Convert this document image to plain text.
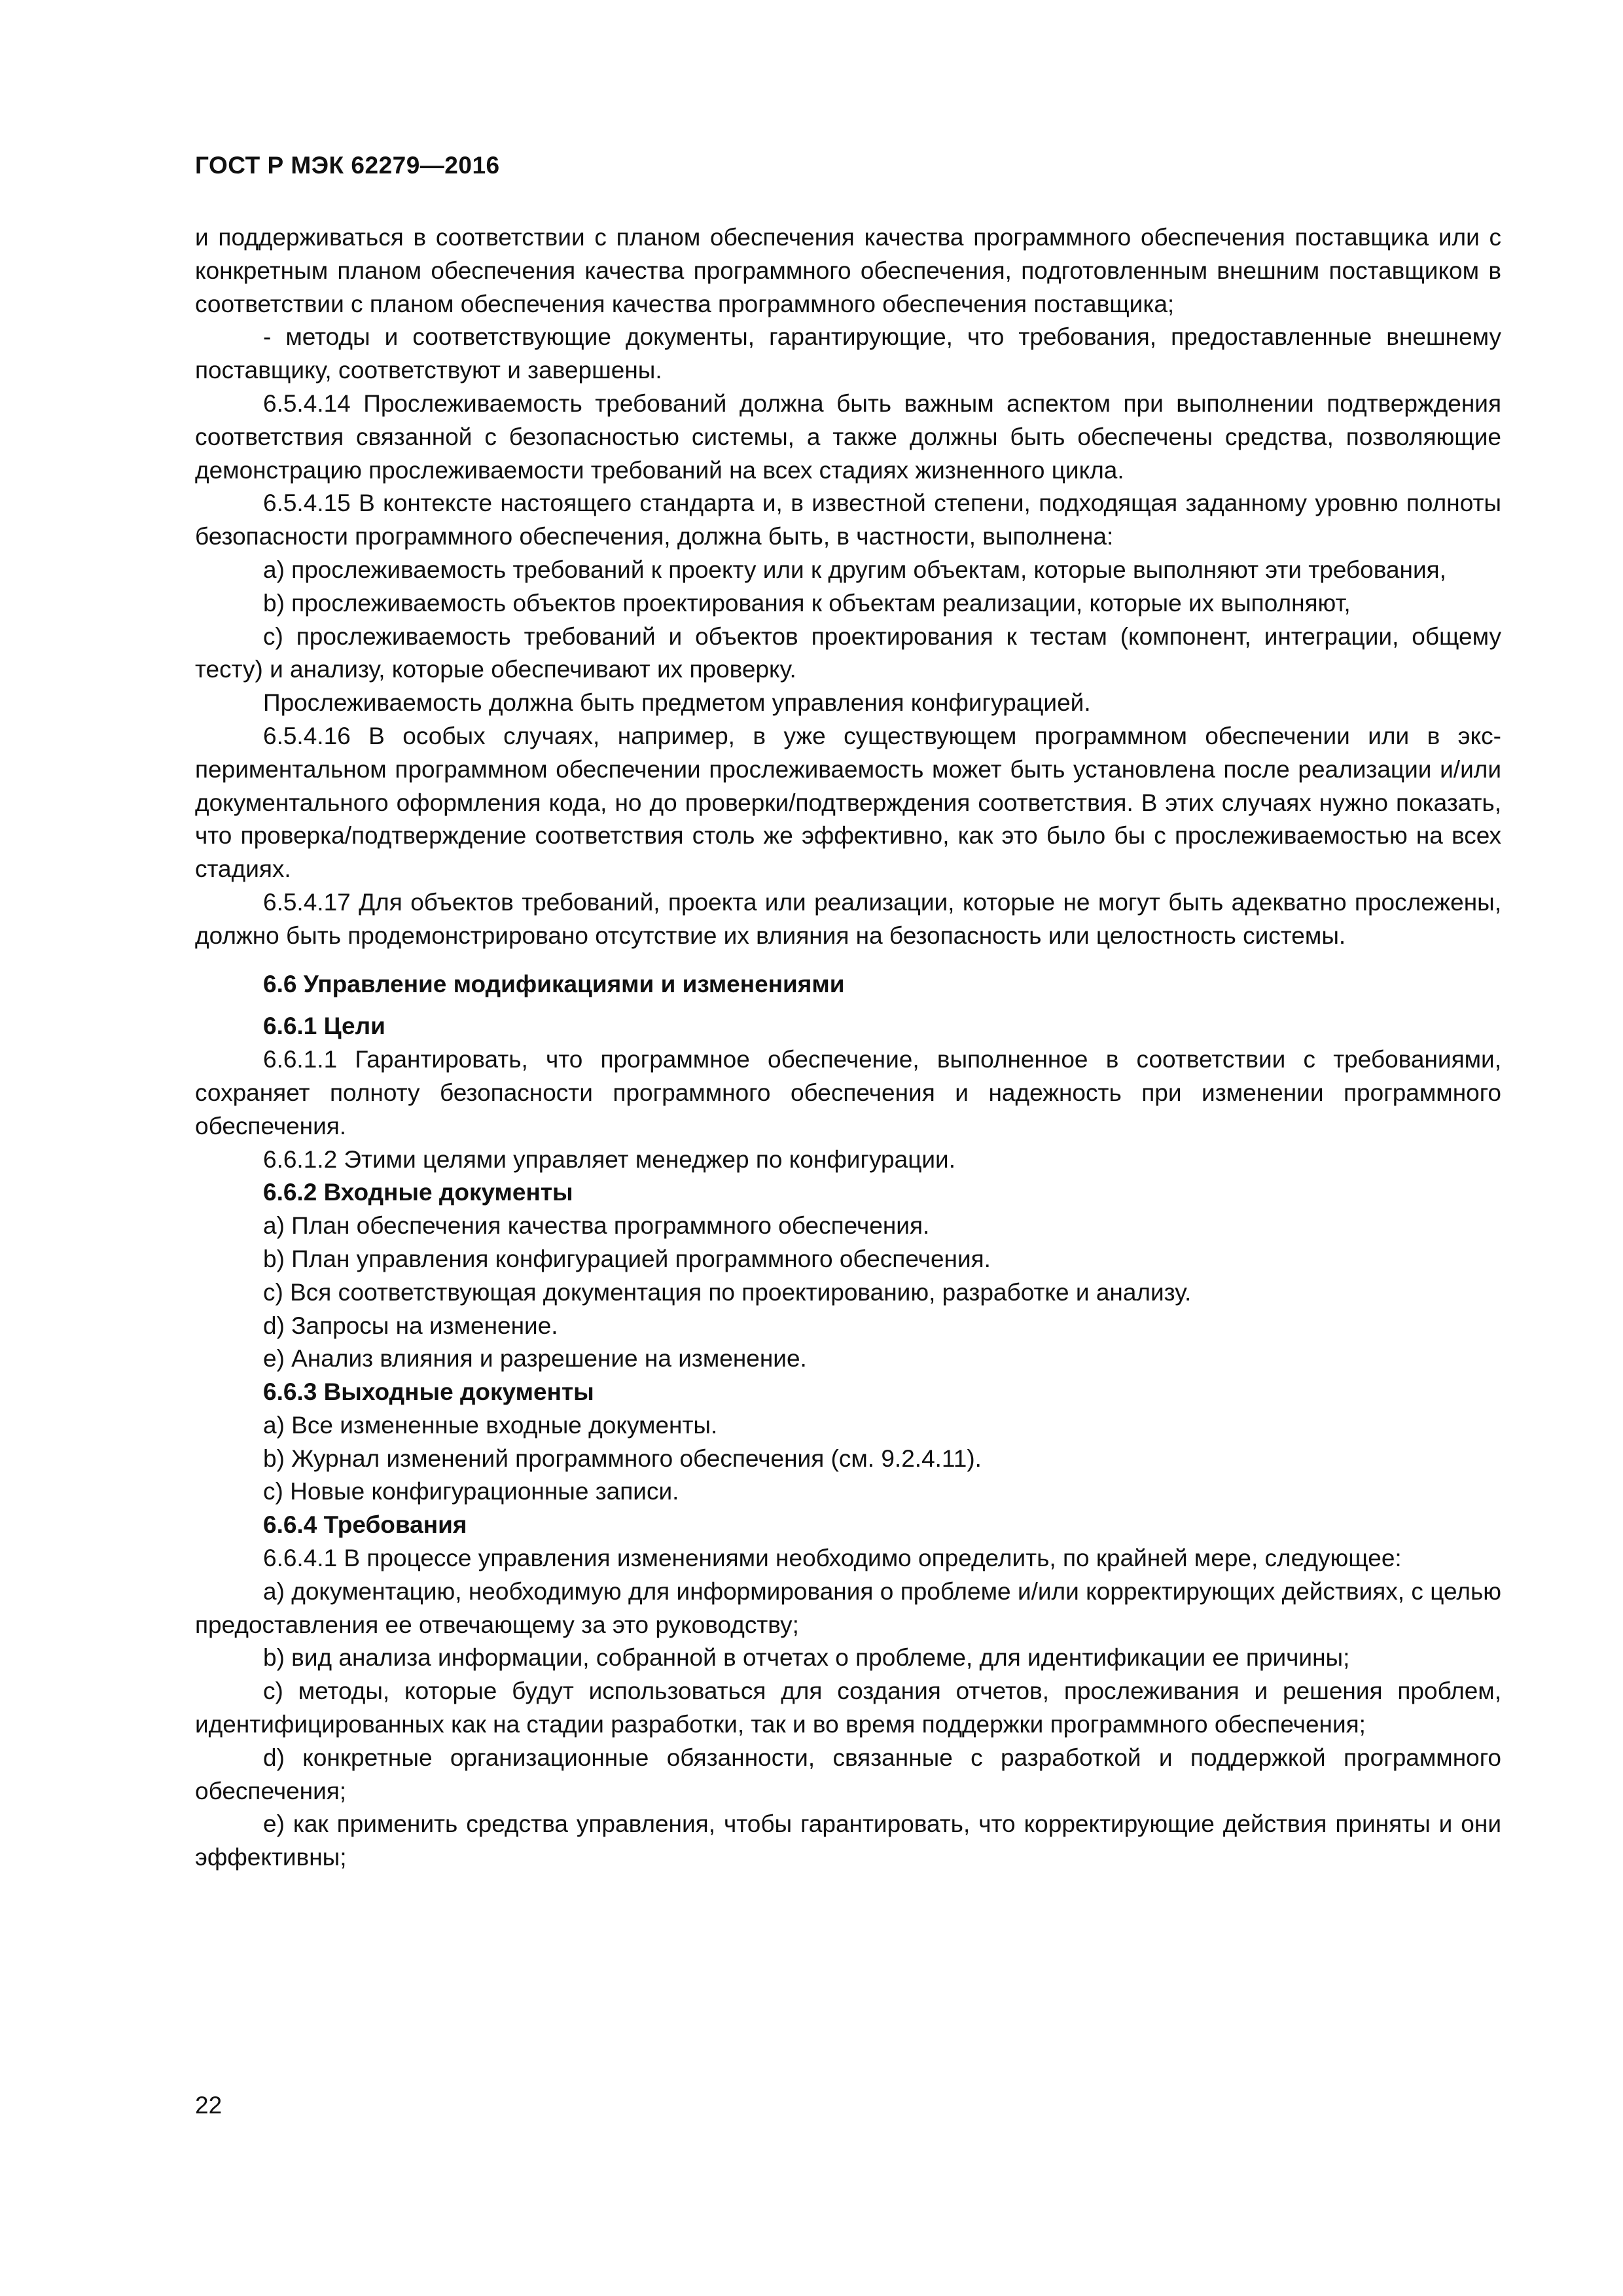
ГОСТ Р МЭК 62279—2016

и поддерживаться в соответствии с планом обеспечения качества программного обеспечения поставщика или с конкретным планом обеспечения качества программного обеспечения, подготовленным внешним поставщиком в соответствии с планом обеспечения качества программного обеспечения поставщика;

- методы и соответствующие документы, гарантирующие, что требования, предоставленные внешнему поставщику, соответствуют и завершены.

6.5.4.14 Прослеживаемость требований должна быть важным аспектом при выполнении подтверждения соответствия связанной с безопасностью системы, а также должны быть обеспечены средства, позволяющие демонстрацию прослеживаемости требований на всех стадиях жизненного цикла.

6.5.4.15 В контексте настоящего стандарта и, в известной степени, подходящая заданному уровню полноты безопасности программного обеспечения, должна быть, в частности, выполнена:

а) прослеживаемость требований к проекту или к другим объектам, которые выполняют эти требования,

b) прослеживаемость объектов проектирования к объектам реализации, которые их выполняют,

с) прослеживаемость требований и объектов проектирования к тестам (компонент, интеграции, общему тесту) и анализу, которые обеспечивают их проверку.

Прослеживаемость должна быть предметом управления конфигурацией.

6.5.4.16 В особых случаях, например, в уже существующем программном обеспечении или в экспериментальном программном обеспечении прослеживаемость может быть установлена после реализации и/или документального оформления кода, но до проверки/подтверждения соответствия. В этих случаях нужно показать, что проверка/подтверждение соответствия столь же эффективно, как это было бы с прослеживаемостью на всех стадиях.

6.5.4.17 Для объектов требований, проекта или реализации, которые не могут быть адекватно прослежены, должно быть продемонстрировано отсутствие их влияния на безопасность или целостность системы.

6.6 Управление модификациями и изменениями
6.6.1 Цели

6.6.1.1 Гарантировать, что программное обеспечение, выполненное в соответствии с требованиями, сохраняет полноту безопасности программного обеспечения и надежность при изменении программного обеспечения.

6.6.1.2 Этими целями управляет менеджер по конфигурации.

6.6.2 Входные документы

а) План обеспечения качества программного обеспечения.

b) План управления конфигурацией программного обеспечения.

с) Вся соответствующая документация по проектированию, разработке и анализу.

d) Запросы на изменение.

е) Анализ влияния и разрешение на изменение.

6.6.3 Выходные документы

а) Все измененные входные документы.

b) Журнал изменений программного обеспечения (см. 9.2.4.11).

с) Новые конфигурационные записи.

6.6.4 Требования

6.6.4.1 В процессе управления изменениями необходимо определить, по крайней мере, следующее:

а) документацию, необходимую для информирования о проблеме и/или корректирующих действиях, с целью предоставления ее отвечающему за это руководству;

b) вид анализа информации, собранной в отчетах о проблеме, для идентификации ее причины;

с) методы, которые будут использоваться для создания отчетов, прослеживания и решения проблем, идентифицированных как на стадии разработки, так и во время поддержки программного обеспечения;

d) конкретные организационные обязанности, связанные с разработкой и поддержкой программного обеспечения;

е) как применить средства управления, чтобы гарантировать, что корректирующие действия приняты и они эффективны;

22
